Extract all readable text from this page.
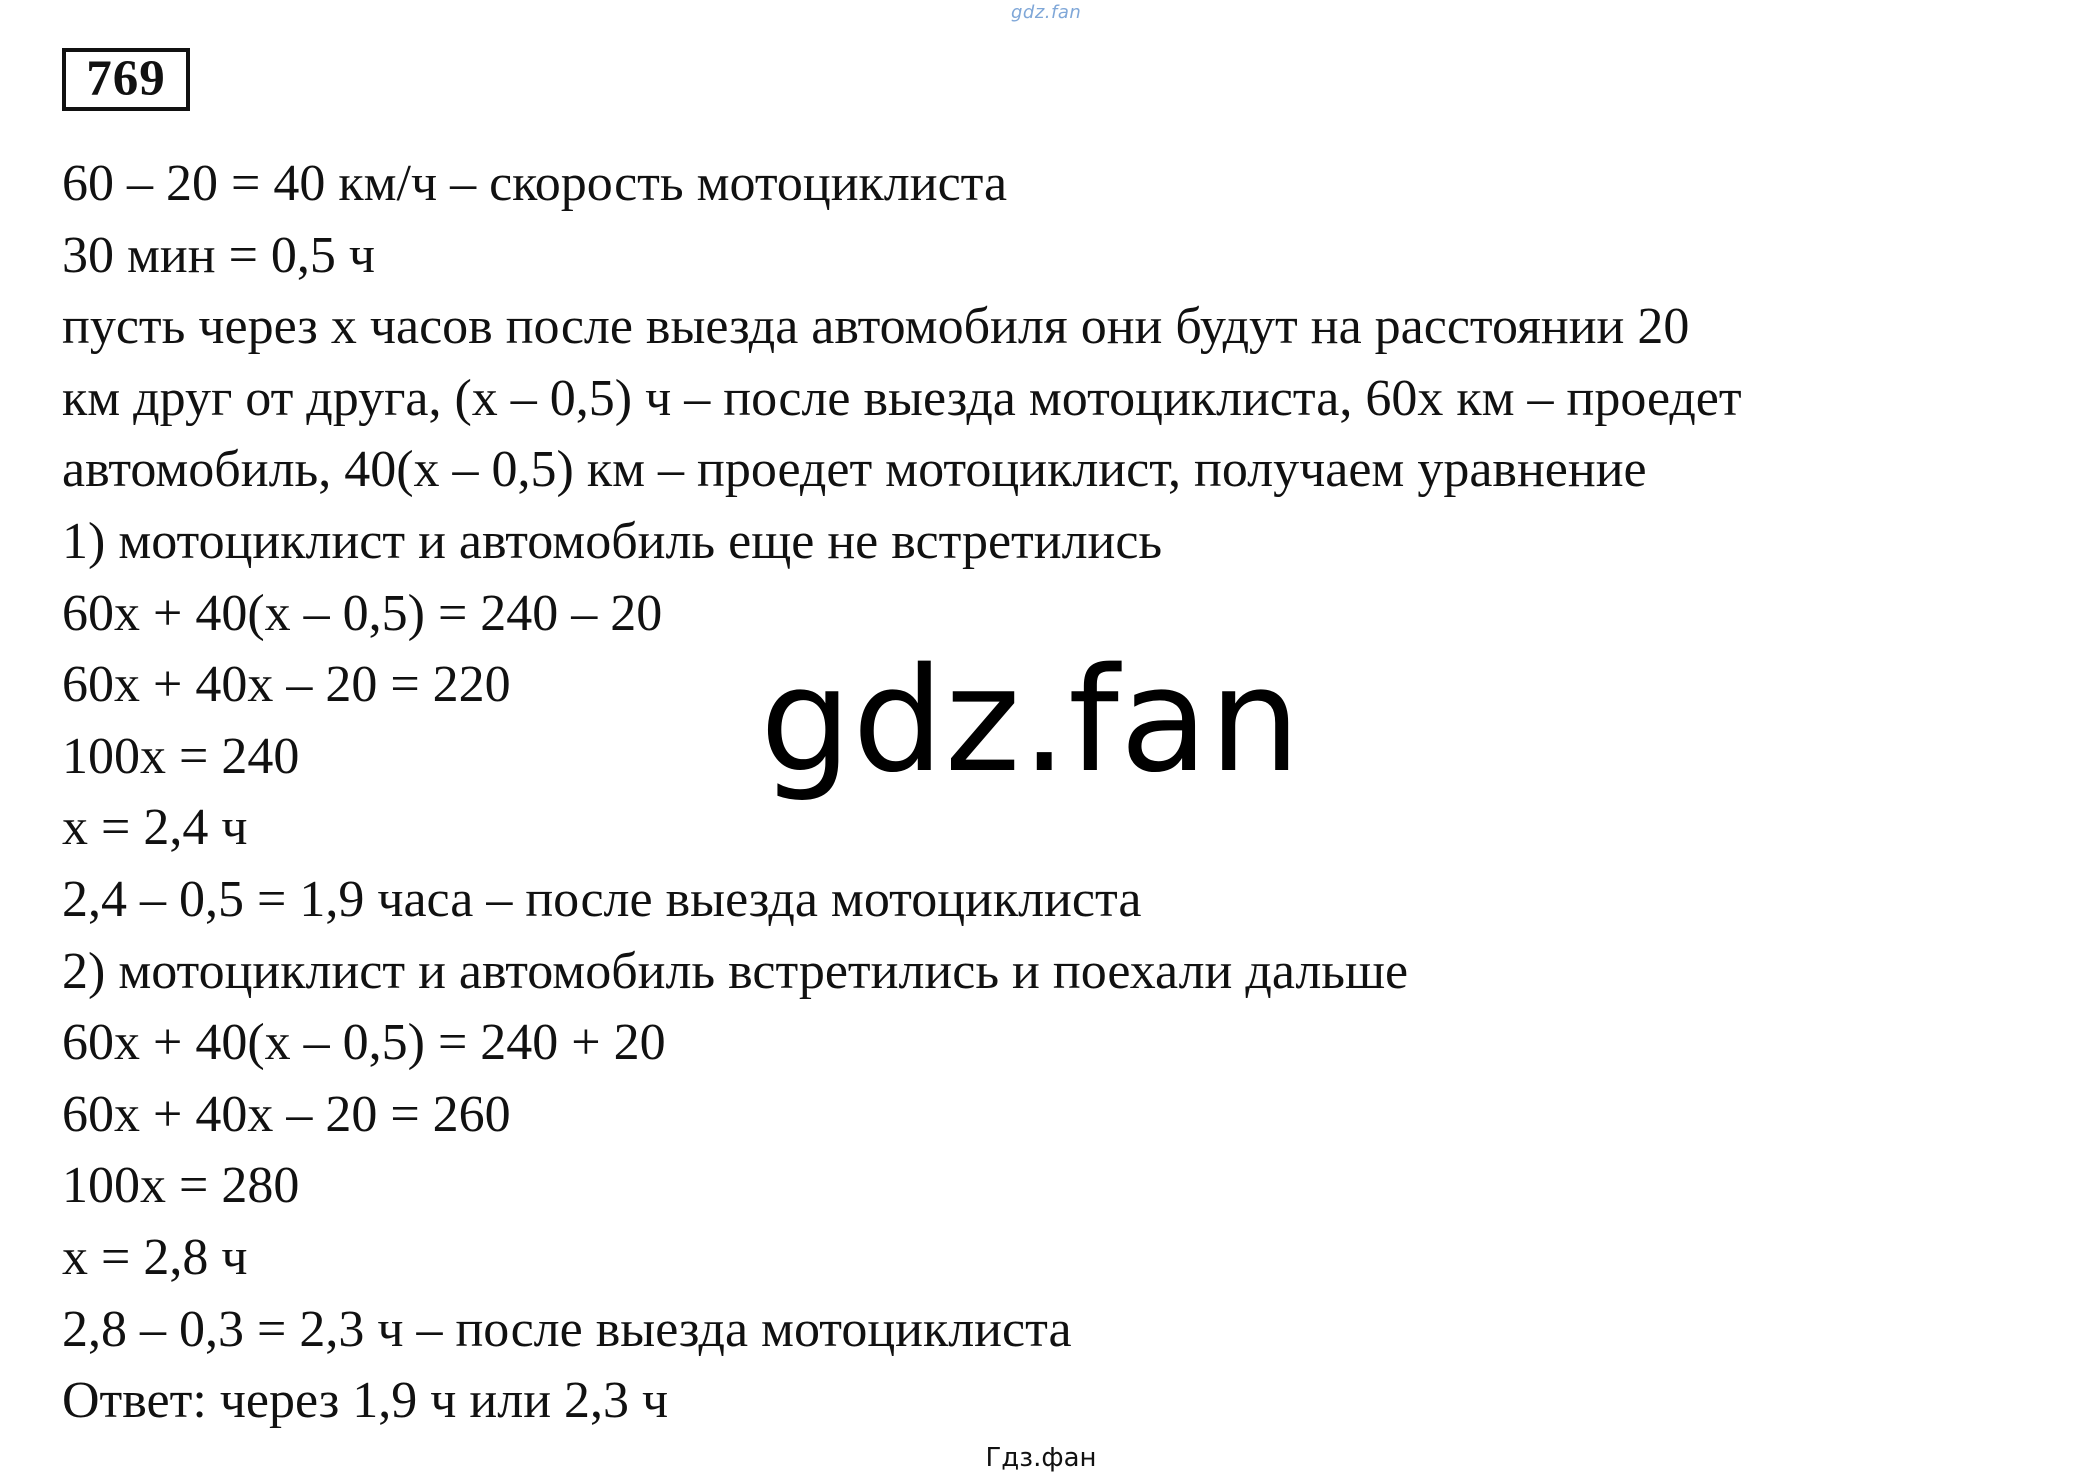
gdz.fan
769
60 – 20 = 40 км/ч – скорость мотоциклиста
30 мин = 0,5 ч
пусть через х часов после выезда автомобиля они будут на расстоянии 20
км друг от друга, (х – 0,5) ч – после выезда мотоциклиста, 60х км – проедет
автомобиль, 40(х – 0,5) км – проедет мотоциклист, получаем уравнение
1) мотоциклист и автомобиль еще не встретились
60х + 40(х – 0,5) = 240 – 20
60х + 40х – 20 = 220
100х = 240
х = 2,4 ч
2,4 – 0,5 = 1,9 часа – после выезда мотоциклиста
2) мотоциклист и автомобиль встретились и поехали дальше
60х + 40(х – 0,5) = 240 + 20
60х + 40х – 20 = 260
100х = 280
х = 2,8 ч
2,8 – 0,3 = 2,3 ч – после выезда мотоциклиста
Ответ: через 1,9 ч или 2,3 ч
gdz.fan
Гдз.фан
